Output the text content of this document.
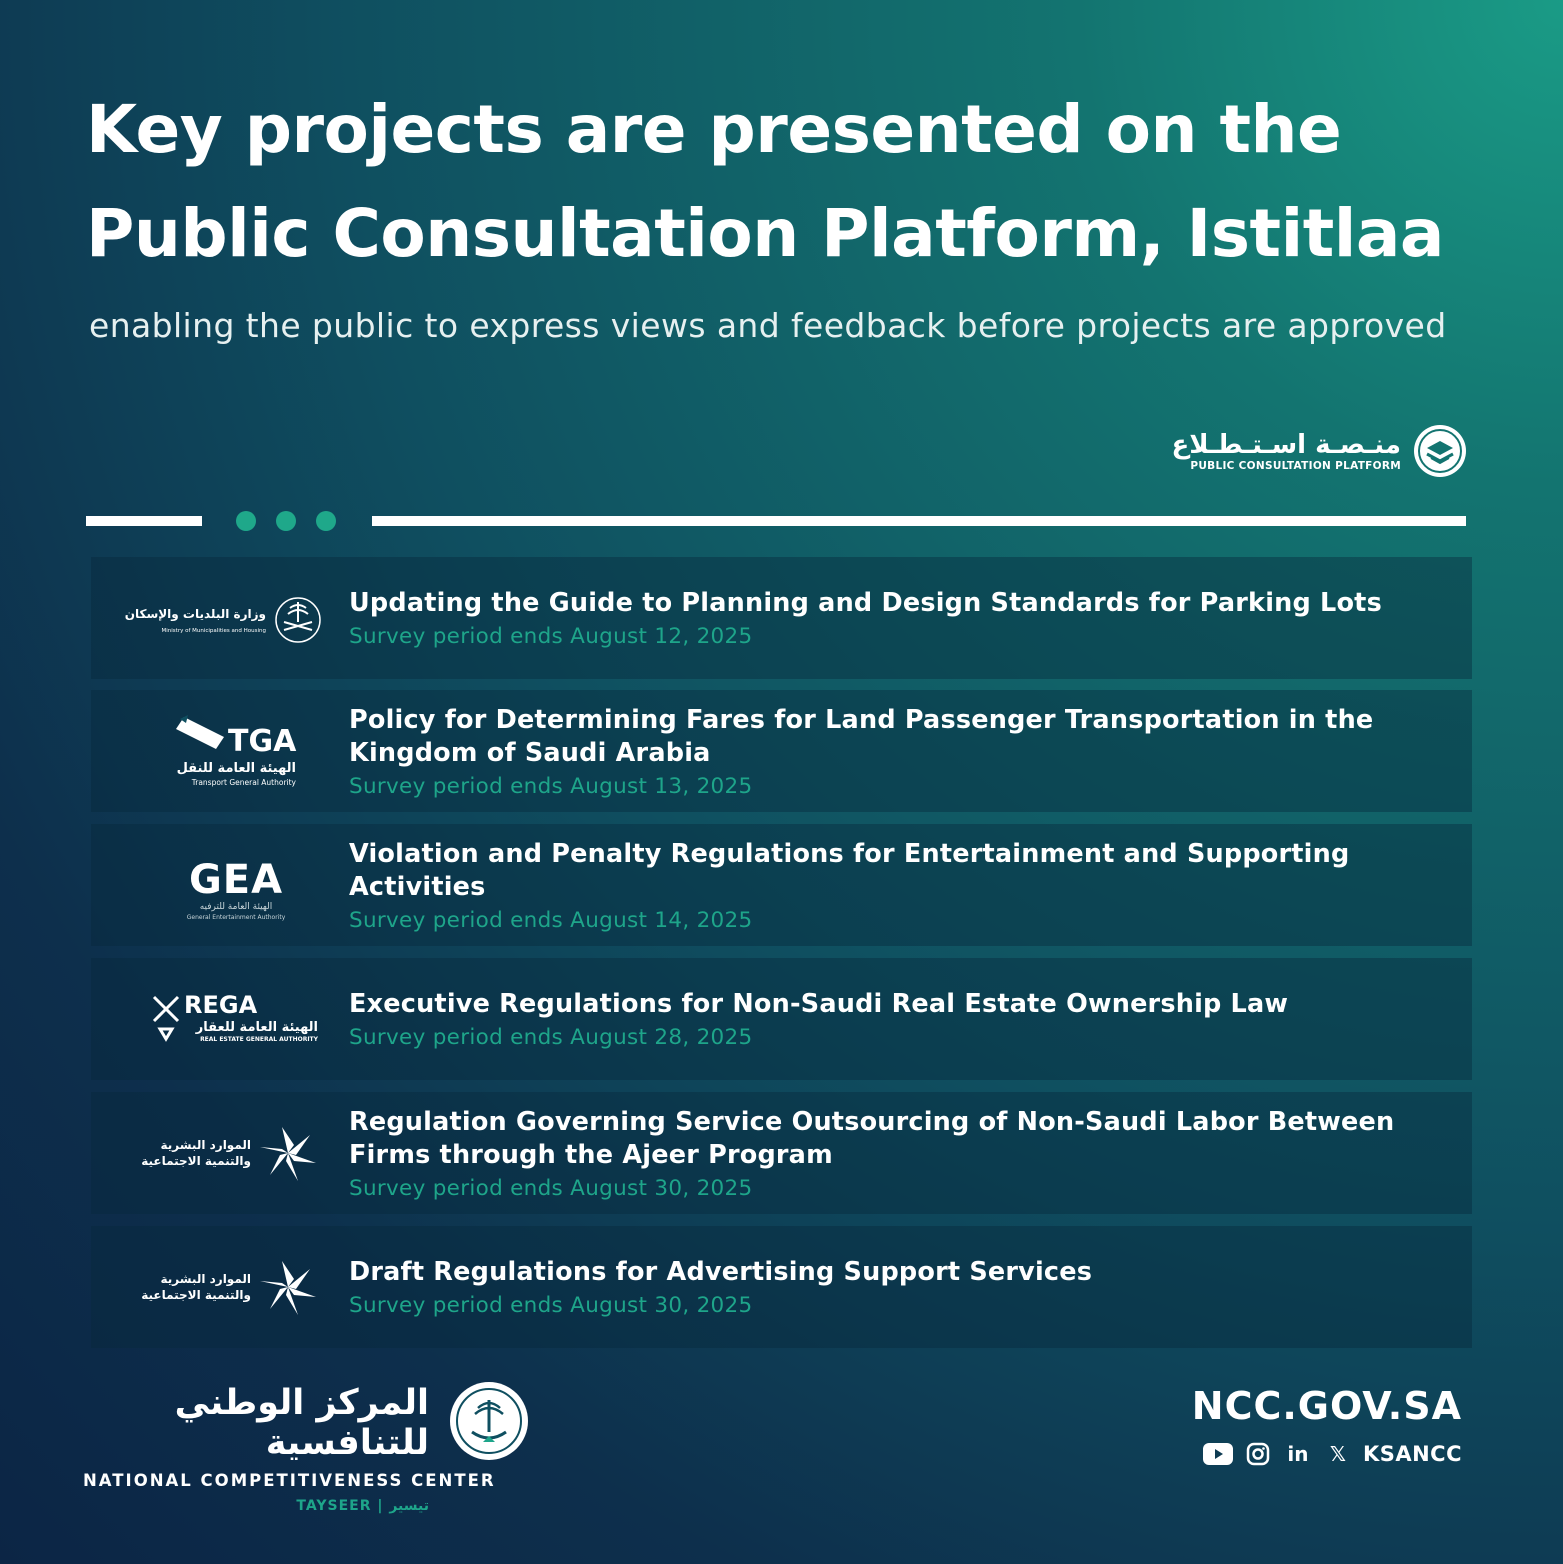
Key projects are presented on the
Public Consultation Platform, Istitlaa
enabling the public to express views and feedback before projects are approved
منـصـة اسـتـطـلاع
PUBLIC CONSULTATION PLATFORM
وزارة البلديات والإسكان
Ministry of Municipalities and Housing
Updating the Guide to Planning and Design Standards for Parking Lots
Survey period ends August 12, 2025
TGA
الهيئة العامة للنقل
Transport General Authority
Policy for Determining Fares for Land Passenger Transportation in the Kingdom of Saudi Arabia
Survey period ends August 13, 2025
GEA
الهيئة العامة للترفيه
General Entertainment Authority
Violation and Penalty Regulations for Entertainment and Supporting Activities
Survey period ends August 14, 2025
REGA
الهيئة العامة للعقار
REAL ESTATE GENERAL AUTHORITY
Executive Regulations for Non-Saudi Real Estate Ownership Law
Survey period ends August 28, 2025
الموارد البشرية
والتنمية الاجتماعية
Regulation Governing Service Outsourcing of Non-Saudi Labor Between Firms through the Ajeer Program
Survey period ends August 30, 2025
الموارد البشرية
والتنمية الاجتماعية
Draft Regulations for Advertising Support Services
Survey period ends August 30, 2025
المركز الوطني للتنافسية
NATIONAL COMPETITIVENESS CENTER
TAYSEER | تيسير
NCC.GOV.SA
in	𝕏 KSANCC
